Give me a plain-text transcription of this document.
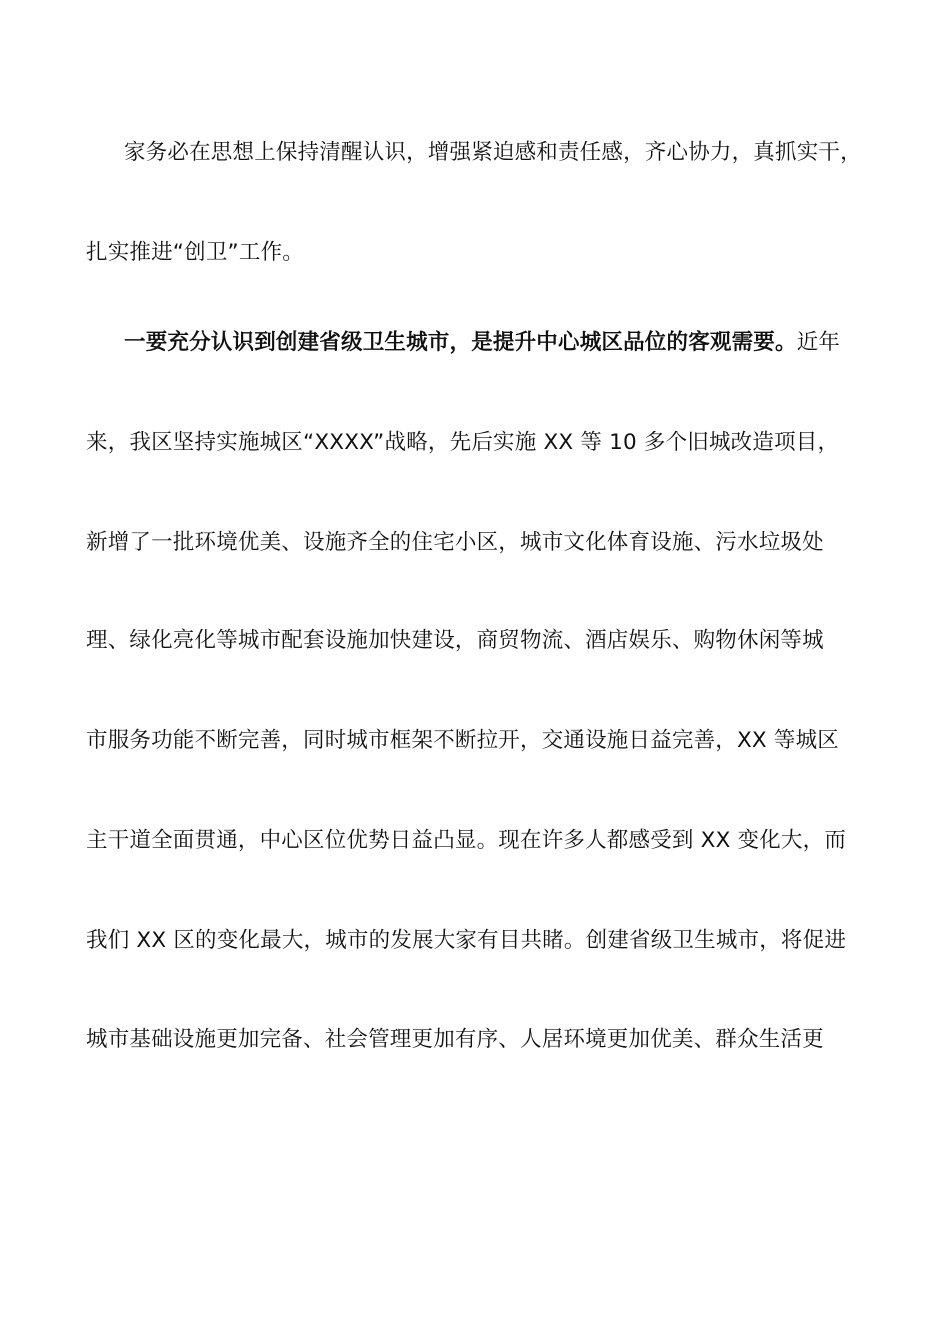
家务必在思想上保持清醒认识，增强紧迫感和责任感，齐心协力，真抓实干，
扎实推进“创卫”工作。
一要充分认识到创建省级卫生城市，是提升中心城区品位的客观需要。近年
来，我区坚持实施城区“XXXX”战略，先后实施 XX 等 10 多个旧城改造项目，
新增了一批环境优美、设施齐全的住宅小区，城市文化体育设施、污水垃圾处
理、绿化亮化等城市配套设施加快建设，商贸物流、酒店娱乐、购物休闲等城
市服务功能不断完善，同时城市框架不断拉开，交通设施日益完善，XX 等城区
主干道全面贯通，中心区位优势日益凸显。现在许多人都感受到 XX 变化大，而
我们 XX 区的变化最大，城市的发展大家有目共睹。创建省级卫生城市，将促进
城市基础设施更加完备、社会管理更加有序、人居环境更加优美、群众生活更
